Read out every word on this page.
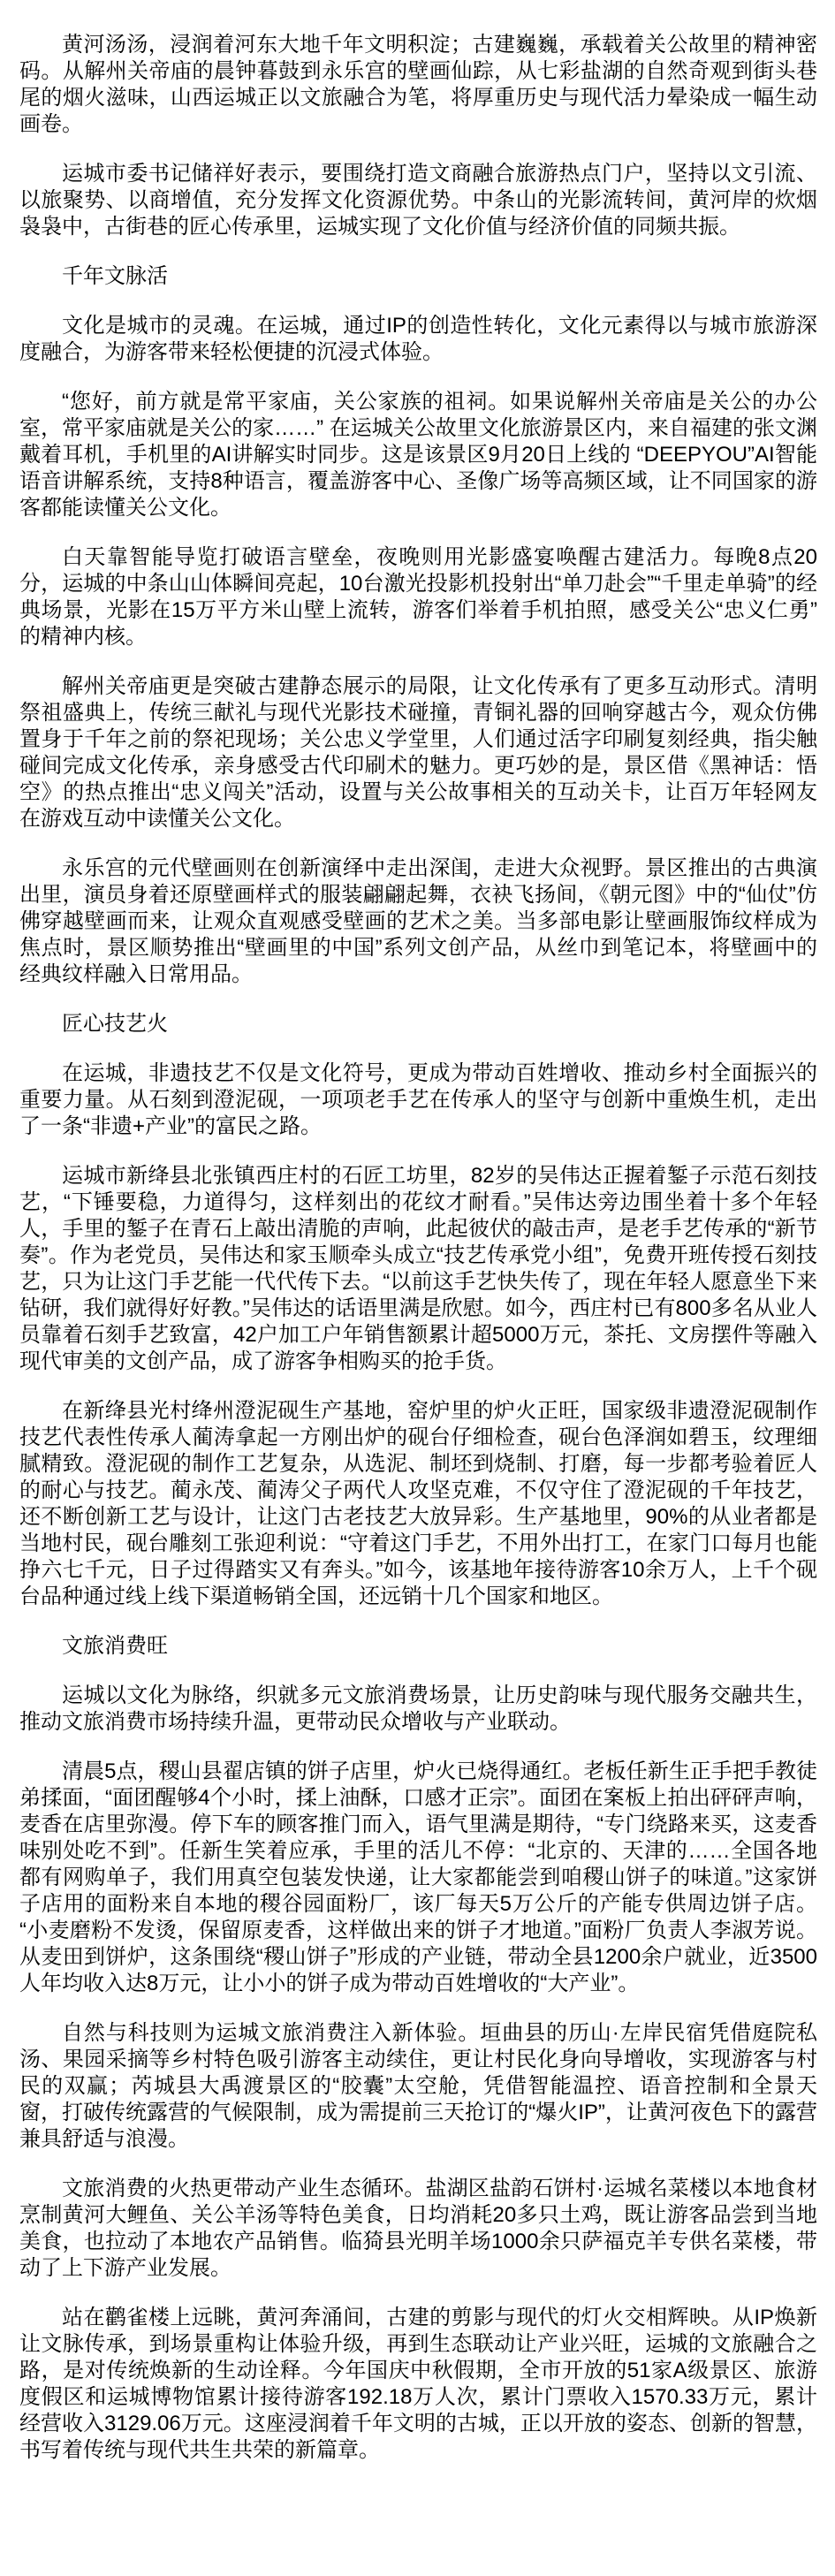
黄河汤汤，浸润着河东大地千年文明积淀；古建巍巍，承载着关公故里的精神密码。从解州关帝庙的晨钟暮鼓到永乐宫的壁画仙踪，从七彩盐湖的自然奇观到街头巷尾的烟火滋味，山西运城正以文旅融合为笔，将厚重历史与现代活力晕染成一幅生动画卷。

运城市委书记储祥好表示，要围绕打造文商融合旅游热点门户，坚持以文引流、以旅聚势、以商增值，充分发挥文化资源优势。中条山的光影流转间，黄河岸的炊烟袅袅中，古街巷的匠心传承里，运城实现了文化价值与经济价值的同频共振。

千年文脉活

文化是城市的灵魂。在运城，通过IP的创造性转化，文化元素得以与城市旅游深度融合，为游客带来轻松便捷的沉浸式体验。

“您好，前方就是常平家庙，关公家族的祖祠。如果说解州关帝庙是关公的办公室，常平家庙就是关公的家……” 在运城关公故里文化旅游景区内，来自福建的张文渊戴着耳机，手机里的AI讲解实时同步。这是该景区9月20日上线的 “DEEPYOU”AI智能语音讲解系统，支持8种语言，覆盖游客中心、圣像广场等高频区域，让不同国家的游客都能读懂关公文化。

白天靠智能导览打破语言壁垒，夜晚则用光影盛宴唤醒古建活力。每晚8点20分，运城的中条山山体瞬间亮起，10台激光投影机投射出“单刀赴会”“千里走单骑”的经典场景，光影在15万平方米山壁上流转，游客们举着手机拍照，感受关公“忠义仁勇”的精神内核。

解州关帝庙更是突破古建静态展示的局限，让文化传承有了更多互动形式。清明祭祖盛典上，传统三献礼与现代光影技术碰撞，青铜礼器的回响穿越古今，观众仿佛置身于千年之前的祭祀现场；关公忠义学堂里，人们通过活字印刷复刻经典，指尖触碰间完成文化传承，亲身感受古代印刷术的魅力。更巧妙的是，景区借《黑神话：悟空》的热点推出“忠义闯关”活动，设置与关公故事相关的互动关卡，让百万年轻网友在游戏互动中读懂关公文化。

永乐宫的元代壁画则在创新演绎中走出深闺，走进大众视野。景区推出的古典演出里，演员身着还原壁画样式的服装翩翩起舞，衣袂飞扬间，《朝元图》中的“仙仗”仿佛穿越壁画而来，让观众直观感受壁画的艺术之美。当多部电影让壁画服饰纹样成为焦点时，景区顺势推出“壁画里的中国”系列文创产品，从丝巾到笔记本，将壁画中的经典纹样融入日常用品。

匠心技艺火

在运城，非遗技艺不仅是文化符号，更成为带动百姓增收、推动乡村全面振兴的重要力量。从石刻到澄泥砚，一项项老手艺在传承人的坚守与创新中重焕生机，走出了一条“非遗+产业”的富民之路。

运城市新绛县北张镇西庄村的石匠工坊里，82岁的吴伟达正握着錾子示范石刻技艺，“下锤要稳，力道得匀，这样刻出的花纹才耐看。”吴伟达旁边围坐着十多个年轻人，手里的錾子在青石上敲出清脆的声响，此起彼伏的敲击声，是老手艺传承的“新节奏”。作为老党员，吴伟达和家玉顺牵头成立“技艺传承党小组”，免费开班传授石刻技艺，只为让这门手艺能一代代传下去。“以前这手艺快失传了，现在年轻人愿意坐下来钻研，我们就得好好教。”吴伟达的话语里满是欣慰。如今，西庄村已有800多名从业人员靠着石刻手艺致富，42户加工户年销售额累计超5000万元，茶托、文房摆件等融入现代审美的文创产品，成了游客争相购买的抢手货。

在新绛县光村绛州澄泥砚生产基地，窑炉里的炉火正旺，国家级非遗澄泥砚制作技艺代表性传承人蔺涛拿起一方刚出炉的砚台仔细检查，砚台色泽润如碧玉，纹理细腻精致。澄泥砚的制作工艺复杂，从选泥、制坯到烧制、打磨，每一步都考验着匠人的耐心与技艺。蔺永茂、蔺涛父子两代人攻坚克难，不仅守住了澄泥砚的千年技艺，还不断创新工艺与设计，让这门古老技艺大放异彩。生产基地里，90%的从业者都是当地村民，砚台雕刻工张迎利说：“守着这门手艺，不用外出打工，在家门口每月也能挣六七千元，日子过得踏实又有奔头。”如今，该基地年接待游客10余万人，上千个砚台品种通过线上线下渠道畅销全国，还远销十几个国家和地区。

文旅消费旺

运城以文化为脉络，织就多元文旅消费场景，让历史韵味与现代服务交融共生，推动文旅消费市场持续升温，更带动民众增收与产业联动。

清晨5点，稷山县翟店镇的饼子店里，炉火已烧得通红。老板任新生正手把手教徒弟揉面，“面团醒够4个小时，揉上油酥，口感才正宗”。面团在案板上拍出砰砰声响，麦香在店里弥漫。停下车的顾客推门而入，语气里满是期待，“专门绕路来买，这麦香味别处吃不到”。任新生笑着应承，手里的活儿不停：“北京的、天津的……全国各地都有网购单子，我们用真空包装发快递，让大家都能尝到咱稷山饼子的味道。”这家饼子店用的面粉来自本地的稷谷园面粉厂，该厂每天5万公斤的产能专供周边饼子店。“小麦磨粉不发烫，保留原麦香，这样做出来的饼子才地道。”面粉厂负责人李淑芳说。从麦田到饼炉，这条围绕“稷山饼子”形成的产业链，带动全县1200余户就业，近3500人年均收入达8万元，让小小的饼子成为带动百姓增收的“大产业”。

自然与科技则为运城文旅消费注入新体验。垣曲县的历山·左岸民宿凭借庭院私汤、果园采摘等乡村特色吸引游客主动续住，更让村民化身向导增收，实现游客与村民的双赢；芮城县大禹渡景区的“胶囊”太空舱，凭借智能温控、语音控制和全景天窗，打破传统露营的气候限制，成为需提前三天抢订的“爆火IP”，让黄河夜色下的露营兼具舒适与浪漫。

文旅消费的火热更带动产业生态循环。盐湖区盐韵石饼村·运城名菜楼以本地食材烹制黄河大鲤鱼、关公羊汤等特色美食，日均消耗20多只土鸡，既让游客品尝到当地美食，也拉动了本地农产品销售。临猗县光明羊场1000余只萨福克羊专供名菜楼，带动了上下游产业发展。

站在鹳雀楼上远眺，黄河奔涌间，古建的剪影与现代的灯火交相辉映。从IP焕新让文脉传承，到场景重构让体验升级，再到生态联动让产业兴旺，运城的文旅融合之路，是对传统焕新的生动诠释。今年国庆中秋假期，全市开放的51家A级景区、旅游度假区和运城博物馆累计接待游客192.18万人次，累计门票收入1570.33万元，累计经营收入3129.06万元。这座浸润着千年文明的古城，正以开放的姿态、创新的智慧，书写着传统与现代共生共荣的新篇章。
